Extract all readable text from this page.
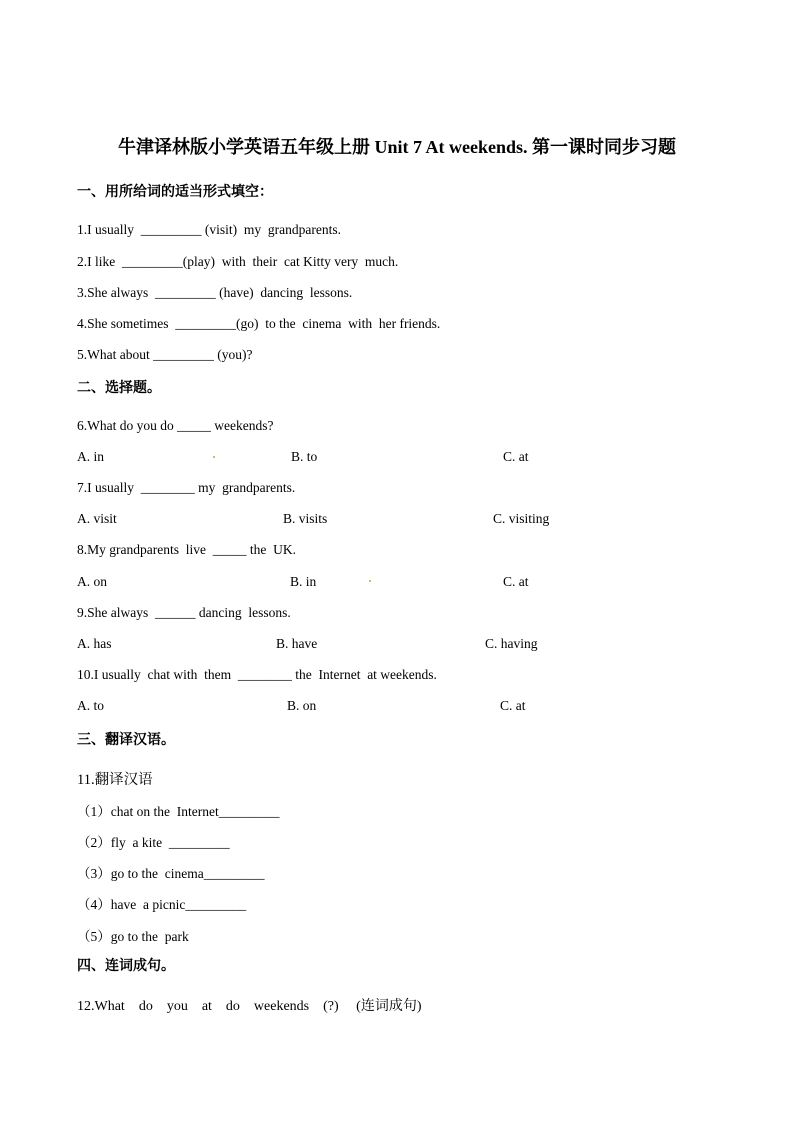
牛津译林版小学英语五年级上册 Unit 7 At weekends. 第一课时同步习题
一、用所给词的适当形式填空：
1.I usually  _________ (visit)  my  grandparents.
2.I like  _________(play)  with  their  cat Kitty very  much.
3.She always  _________ (have)  dancing  lessons.
4.She sometimes  _________(go)  to the  cinema  with  her friends.
5.What about _________ (you)?
二、选择题。
6.What do you do _____ weekends?
A. in	B. to	C. at
7.I usually  ________ my  grandparents.
A. visit	B. visits	C. visiting
8.My grandparents  live  _____ the  UK.
A. on	B. in	C. at
9.She always  ______ dancing  lessons.
A. has	B. have	C. having
10.I usually  chat with  them  ________ the  Internet  at weekends.
A. to	B. on	C. at
三、翻译汉语。
11.翻译汉语
（1）chat on the  Internet_________
（2）fly  a kite  _________
（3）go to the  cinema_________
（4）have  a picnic_________
（5）go to the  park
四、连词成句。
12.What    do    you    at    do    weekends    (?)     (连词成句)
